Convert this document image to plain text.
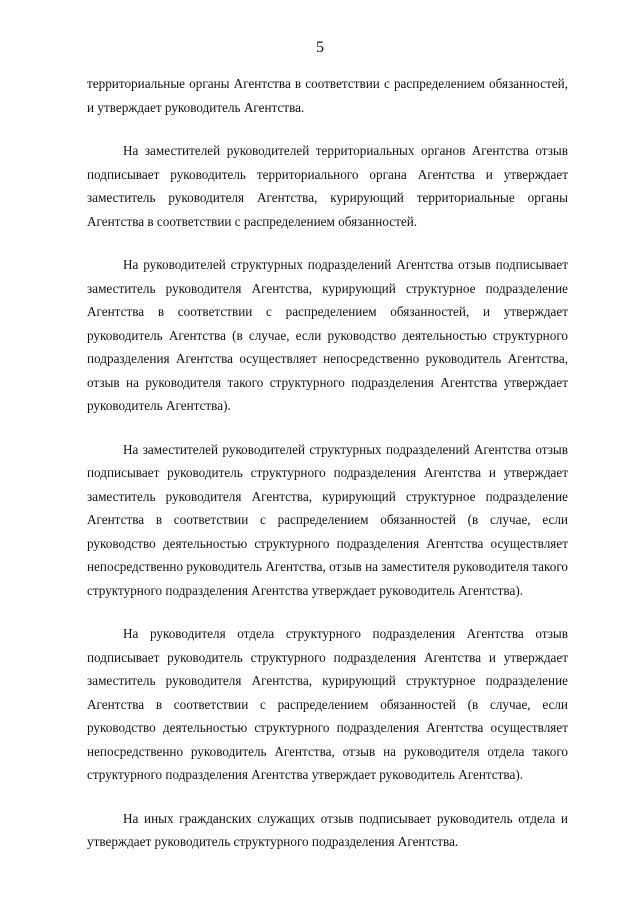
5

территориальные органы Агентства в соответствии с распределением обязанностей, и утверждает руководитель Агентства.

На заместителей руководителей территориальных органов Агентства отзыв подписывает руководитель территориального органа Агентства и утверждает заместитель руководителя Агентства, курирующий территориальные органы Агентства в соответствии с распределением обязанностей.

На руководителей структурных подразделений Агентства отзыв подписывает заместитель руководителя Агентства, курирующий структурное подразделение Агентства в соответствии с распределением обязанностей, и утверждает руководитель Агентства (в случае, если руководство деятельностью структурного подразделения Агентства осуществляет непосредственно руководитель Агентства, отзыв на руководителя такого структурного подразделения Агентства утверждает руководитель Агентства).

На заместителей руководителей структурных подразделений Агентства отзыв подписывает руководитель структурного подразделения Агентства и утверждает заместитель руководителя Агентства, курирующий структурное подразделение Агентства в соответствии с распределением обязанностей (в случае, если руководство деятельностью структурного подразделения Агентства осуществляет непосредственно руководитель Агентства, отзыв на заместителя руководителя такого структурного подразделения Агентства утверждает руководитель Агентства).

На руководителя отдела структурного подразделения Агентства отзыв подписывает руководитель структурного подразделения Агентства и утверждает заместитель руководителя Агентства, курирующий структурное подразделение Агентства в соответствии с распределением обязанностей (в случае, если руководство деятельностью структурного подразделения Агентства осуществляет непосредственно руководитель Агентства, отзыв на руководителя отдела такого структурного подразделения Агентства утверждает руководитель Агентства).

На иных гражданских служащих отзыв подписывает руководитель отдела и утверждает руководитель структурного подразделения Агентства.
